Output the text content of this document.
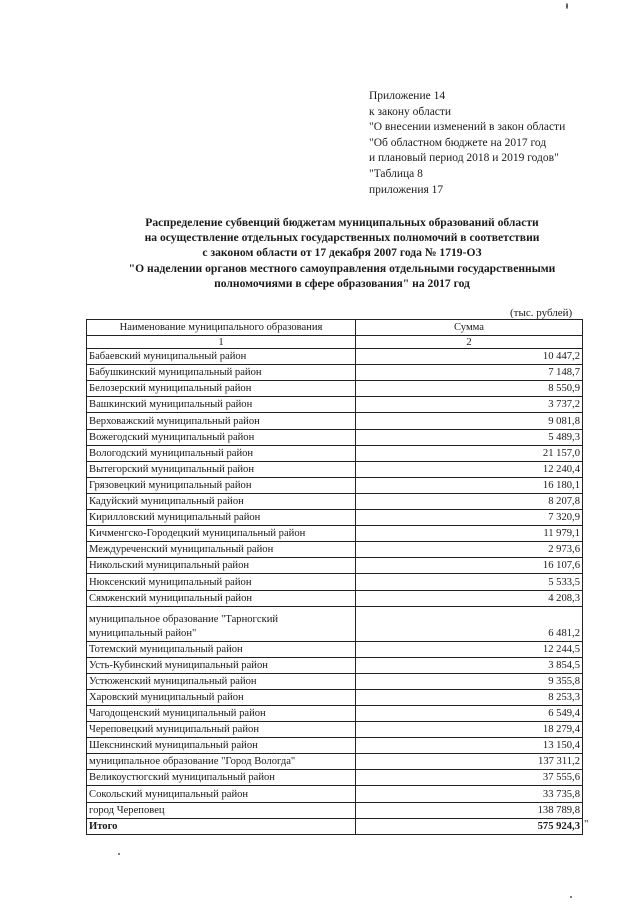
Приложение 14
к закону области
"О внесении изменений в закон области
"Об областном бюджете на 2017 год
и плановый период 2018 и 2019 годов"
"Таблица 8
приложения 17
Распределение субвенций бюджетам муниципальных образований области
на осуществление отдельных государственных полномочий в соответствии
с законом области от 17 декабря 2007 года № 1719-ОЗ
"О наделении органов местного самоуправления отдельными государственными
полномочиями в сфере образования" на 2017 год
(тыс. рублей)
Наименование муниципального образования	Сумма
1	2
Бабаевский муниципальный район	10 447,2
Бабушкинский муниципальный район	7 148,7
Белозерский муниципальный район	8 550,9
Вашкинский муниципальный район	3 737,2
Верховажский муниципальный район	9 081,8
Вожегодский муниципальный район	5 489,3
Вологодский муниципальный район	21 157,0
Вытегорский муниципальный район	12 240,4
Грязовецкий муниципальный район	16 180,1
Кадуйский муниципальный район	8 207,8
Кирилловский муниципальный район	7 320,9
Кичменгско-Городецкий муниципальный район	11 979,1
Междуреченский муниципальный район	2 973,6
Никольский муниципальный район	16 107,6
Нюксенский муниципальный район	5 533,5
Сямженский муниципальный район	4 208,3
муниципальное образование "Тарногский муниципальный район"	6 481,2
Тотемский муниципальный район	12 244,5
Усть-Кубинский муниципальный район	3 854,5
Устюженский муниципальный район	9 355,8
Харовский муниципальный район	8 253,3
Чагодощенский муниципальный район	6 549,4
Череповецкий муниципальный район	18 279,4
Шекснинский муниципальный район	13 150,4
муниципальное образование "Город Вологда"	137 311,2
Великоустюгский муниципальный район	37 555,6
Сокольский муниципальный район	33 735,8
город Череповец	138 789,8
Итого	575 924,3 "
